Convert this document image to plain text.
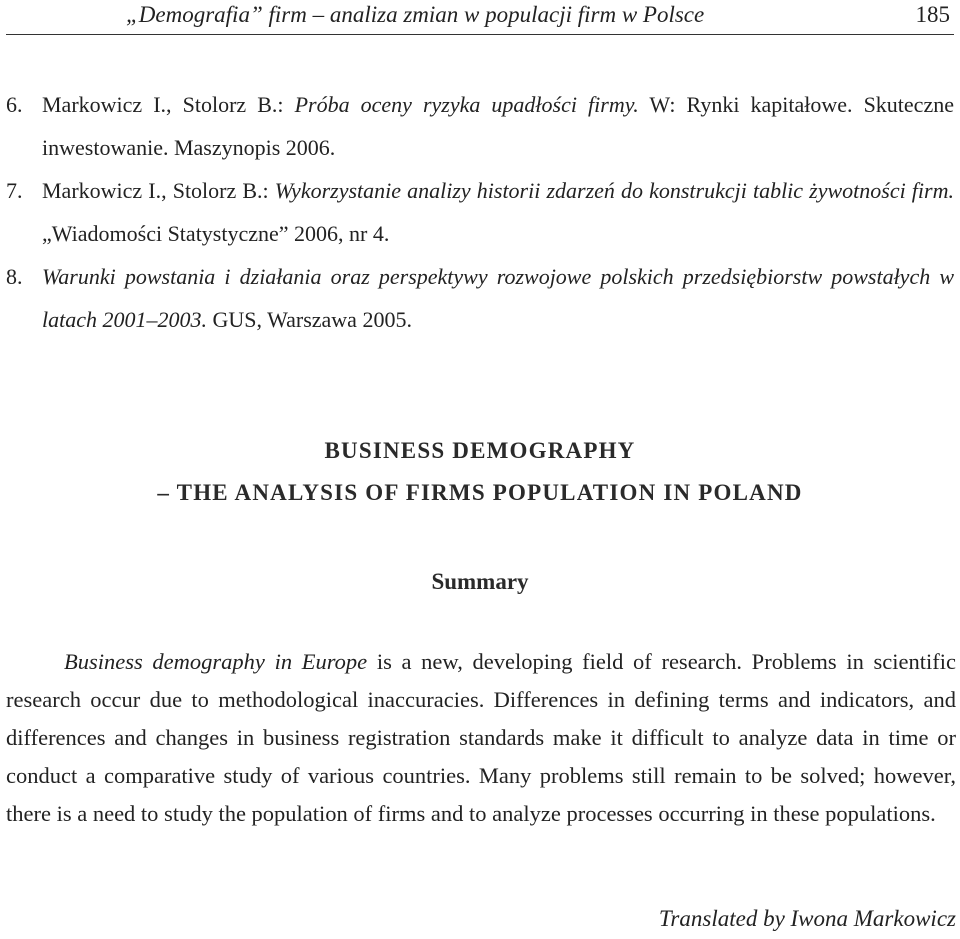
„Demografia” firm – analiza zmian w populacji firm w Polsce	185
6. Markowicz I., Stolorz B.: Próba oceny ryzyka upadłości firmy. W: Rynki kapitałowe. Skuteczne inwestowanie. Maszynopis 2006.
7. Markowicz I., Stolorz B.: Wykorzystanie analizy historii zdarzeń do konstrukcji tablic żywotności firm. „Wiadomości Statystyczne” 2006, nr 4.
8. Warunki powstania i działania oraz perspektywy rozwojowe polskich przedsiębiorstw powstałych w latach 2001–2003. GUS, Warszawa 2005.
BUSINESS DEMOGRAPHY
– THE ANALYSIS OF FIRMS POPULATION IN POLAND
Summary
Business demography in Europe is a new, developing field of research. Problems in scientific research occur due to methodological inaccuracies. Differences in defining terms and indicators, and differences and changes in business registration standards make it difficult to analyze data in time or conduct a comparative study of various countries. Many problems still remain to be solved; however, there is a need to study the population of firms and to analyze processes occurring in these populations.
Translated by Iwona Markowicz
